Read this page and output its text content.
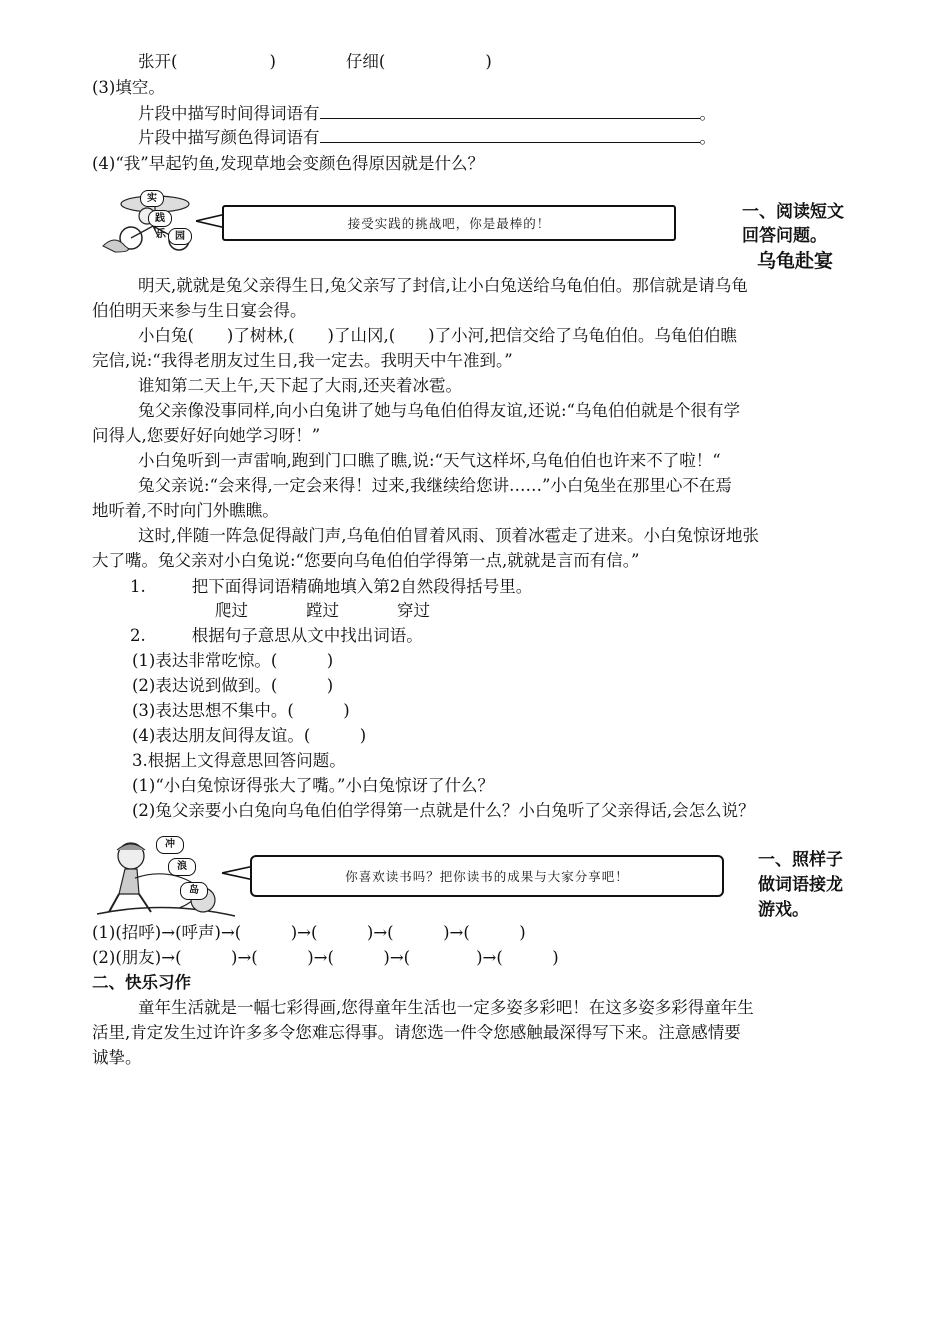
张开(	)	仔细(	)
(3)填空。
片段中描写时间得词语有	。
片段中描写颜色得词语有	。
(4)“我”早起钓鱼,发现草地会变颜色得原因就是什么？
实
践
乐 园
接受实践的挑战吧，你是最棒的！
一、阅读短文
回答问题。
乌龟赴宴
明天,就就是兔父亲得生日,兔父亲写了封信,让小白兔送给乌龟伯伯。那信就是请乌龟
伯伯明天来参与生日宴会得。
小白兔(　　)了树林,(　　)了山冈,(　　)了小河,把信交给了乌龟伯伯。乌龟伯伯瞧
完信,说:“我得老朋友过生日,我一定去。我明天中午准到。”
谁知第二天上午,天下起了大雨,还夹着冰雹。
兔父亲像没事同样,向小白兔讲了她与乌龟伯伯得友谊,还说:“乌龟伯伯就是个很有学
问得人,您要好好向她学习呀！”
小白兔听到一声雷响,跑到门口瞧了瞧,说:“天气这样坏,乌龟伯伯也许来不了啦！“
兔父亲说:“会来得,一定会来得！过来,我继续给您讲……”小白兔坐在那里心不在焉
地听着,不时向门外瞧瞧。
这时,伴随一阵急促得敲门声,乌龟伯伯冒着风雨、顶着冰雹走了进来。小白兔惊讶地张
大了嘴。兔父亲对小白兔说:“您要向乌龟伯伯学得第一点,就就是言而有信。”
1.	把下面得词语精确地填入第2自然段得括号里。
爬过	蹚过	穿过
2.	根据句子意思从文中找出词语。
(1)表达非常吃惊。(　　　)
(2)表达说到做到。(　　　)
(3)表达思想不集中。(　　　)
(4)表达朋友间得友谊。(　　　)
3.根据上文得意思回答问题。
(1)“小白兔惊讶得张大了嘴。”小白兔惊讶了什么？
(2)兔父亲要小白兔向乌龟伯伯学得第一点就是什么？小白兔听了父亲得话,会怎么说？
冲
浪
岛
你喜欢读书吗？把你读书的成果与大家分享吧！
一、照样子
做词语接龙
游戏。
(1)(招呼)→(呼声)→(　　　)→(　　　)→(　　　)→(　　　)
(2)(朋友)→(　　　)→(　　　)→(　　　)→(　　　　)→(　　　)
二、快乐习作
童年生活就是一幅七彩得画,您得童年生活也一定多姿多彩吧！在这多姿多彩得童年生
活里,肯定发生过许许多多令您难忘得事。请您选一件令您感触最深得写下来。注意感情要
诚挚。
